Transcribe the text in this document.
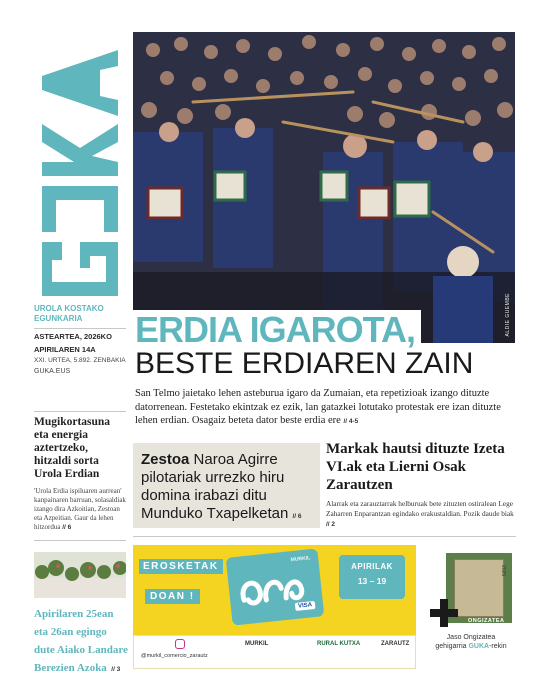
UROLA KOSTAKO
EGUNKARIA
ASTEARTEA, 2026KO
APIRILAREN 14A
XXI. URTEA, 5.892. ZENBAKIA
GUKA.EUS
ALDIE GUEMBE
ERDIA IGAROTA,
BESTE ERDIAREN ZAIN

San Telmo jaietako lehen asteburua igaro da Zumaian, eta repetizioak izango dituzte datorrenean. Festetako ekintzak ez ezik, lan gatazkei lotutako protestak ere izan dituzte lehen erdian. Osagaiz beteta dator beste erdia ere // 4-5

Mugikortasuna eta energia aztertzeko, hitzaldi sorta Urola Erdian
'Urola Erdia ispiluaren aurrean' kanpainaren barruan, solasaldiak izango dira Azkoitian, Zestoan eta Azpeitian. Gaur da lehen hitzordua // 6
Zestoa Naroa Agirre pilotariak urrezko hiru domina irabazi ditu Munduko Txapelketan // 6
Markak hautsi dituzte Izeta VI.ak eta Lierni Osak Zarautzen
Alarrak eta zarauztarrak helburuak bete zituzten ostiralean Lege Zaharren Enparantzan egindako erakustaldian. Pozik daude biak // 2
EROSKETAK
DOAN !
MURKIL
VISA
APIRILAK
13 – 19
@murkil_comercio_zarautz
MURKIL	RURAL KUTXA	ZARAUTZ
2026
ONGIZATEA
Jaso Ongizatea
gehigarria GUKA-rekin
Apirilaren 25ean eta 26an egingo dute Aiako Landare Berezien Azoka // 3
